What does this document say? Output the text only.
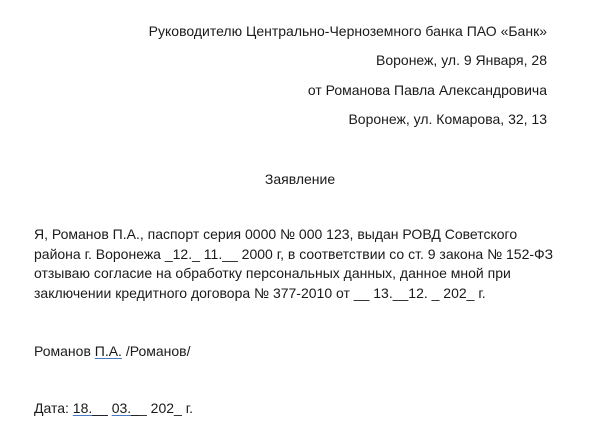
Руководителю Центрально-Черноземного банка ПАО «Банк»
Воронеж, ул. 9 Января, 28
от Романова Павла Александровича
Воронеж, ул. Комарова, 32, 13
Заявление
Я, Романов П.А., паспорт серия 0000 № 000 123, выдан РОВД Советского
района г. Воронежа _12._ 11.__ 2000 г, в соответствии со ст. 9 закона № 152-ФЗ
отзываю согласие на обработку персональных данных, данное мной при
заключении кредитного договора № 377-2010 от __ 13.__12. _ 202_ г.
Романов П.А. /Романов/
Дата: 18.__ 03.__ 202_ г.
